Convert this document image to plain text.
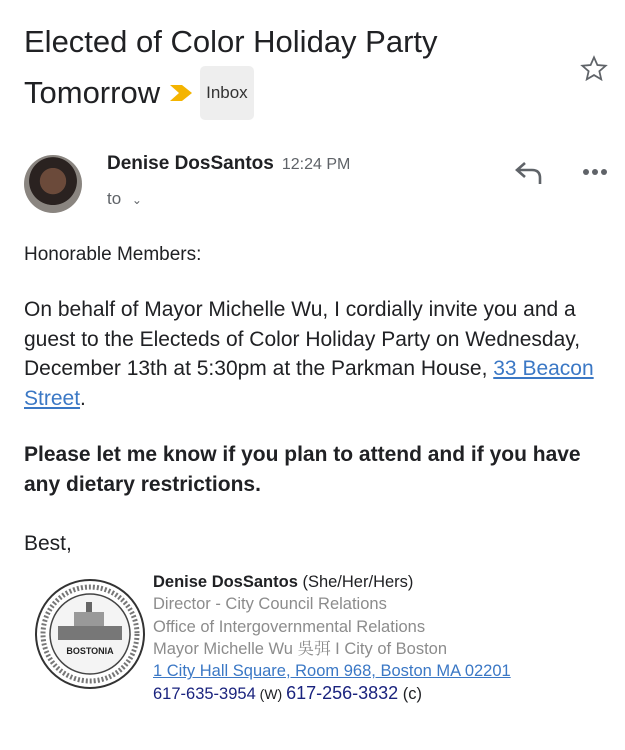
Elected of Color Holiday Party
Tomorrow	Inbox
Denise DosSantos 12:24 PM
to ⌄
Honorable Members:
On behalf of Mayor Michelle Wu, I cordially invite you and a guest to the Electeds of Color Holiday Party on Wednesday, December 13th at 5:30pm at the Parkman House, 33 Beacon Street.
Please let me know if you plan to attend and if you have any dietary restrictions.
Best,
BOSTONIA
Denise DosSantos (She/Her/Hers)
Director - City Council Relations
Office of Intergovernmental Relations
Mayor Michelle Wu 吳弭 I City of Boston
1 City Hall Square, Room 968, Boston MA 02201
617-635-3954 (W) 617-256-3832 (c)
